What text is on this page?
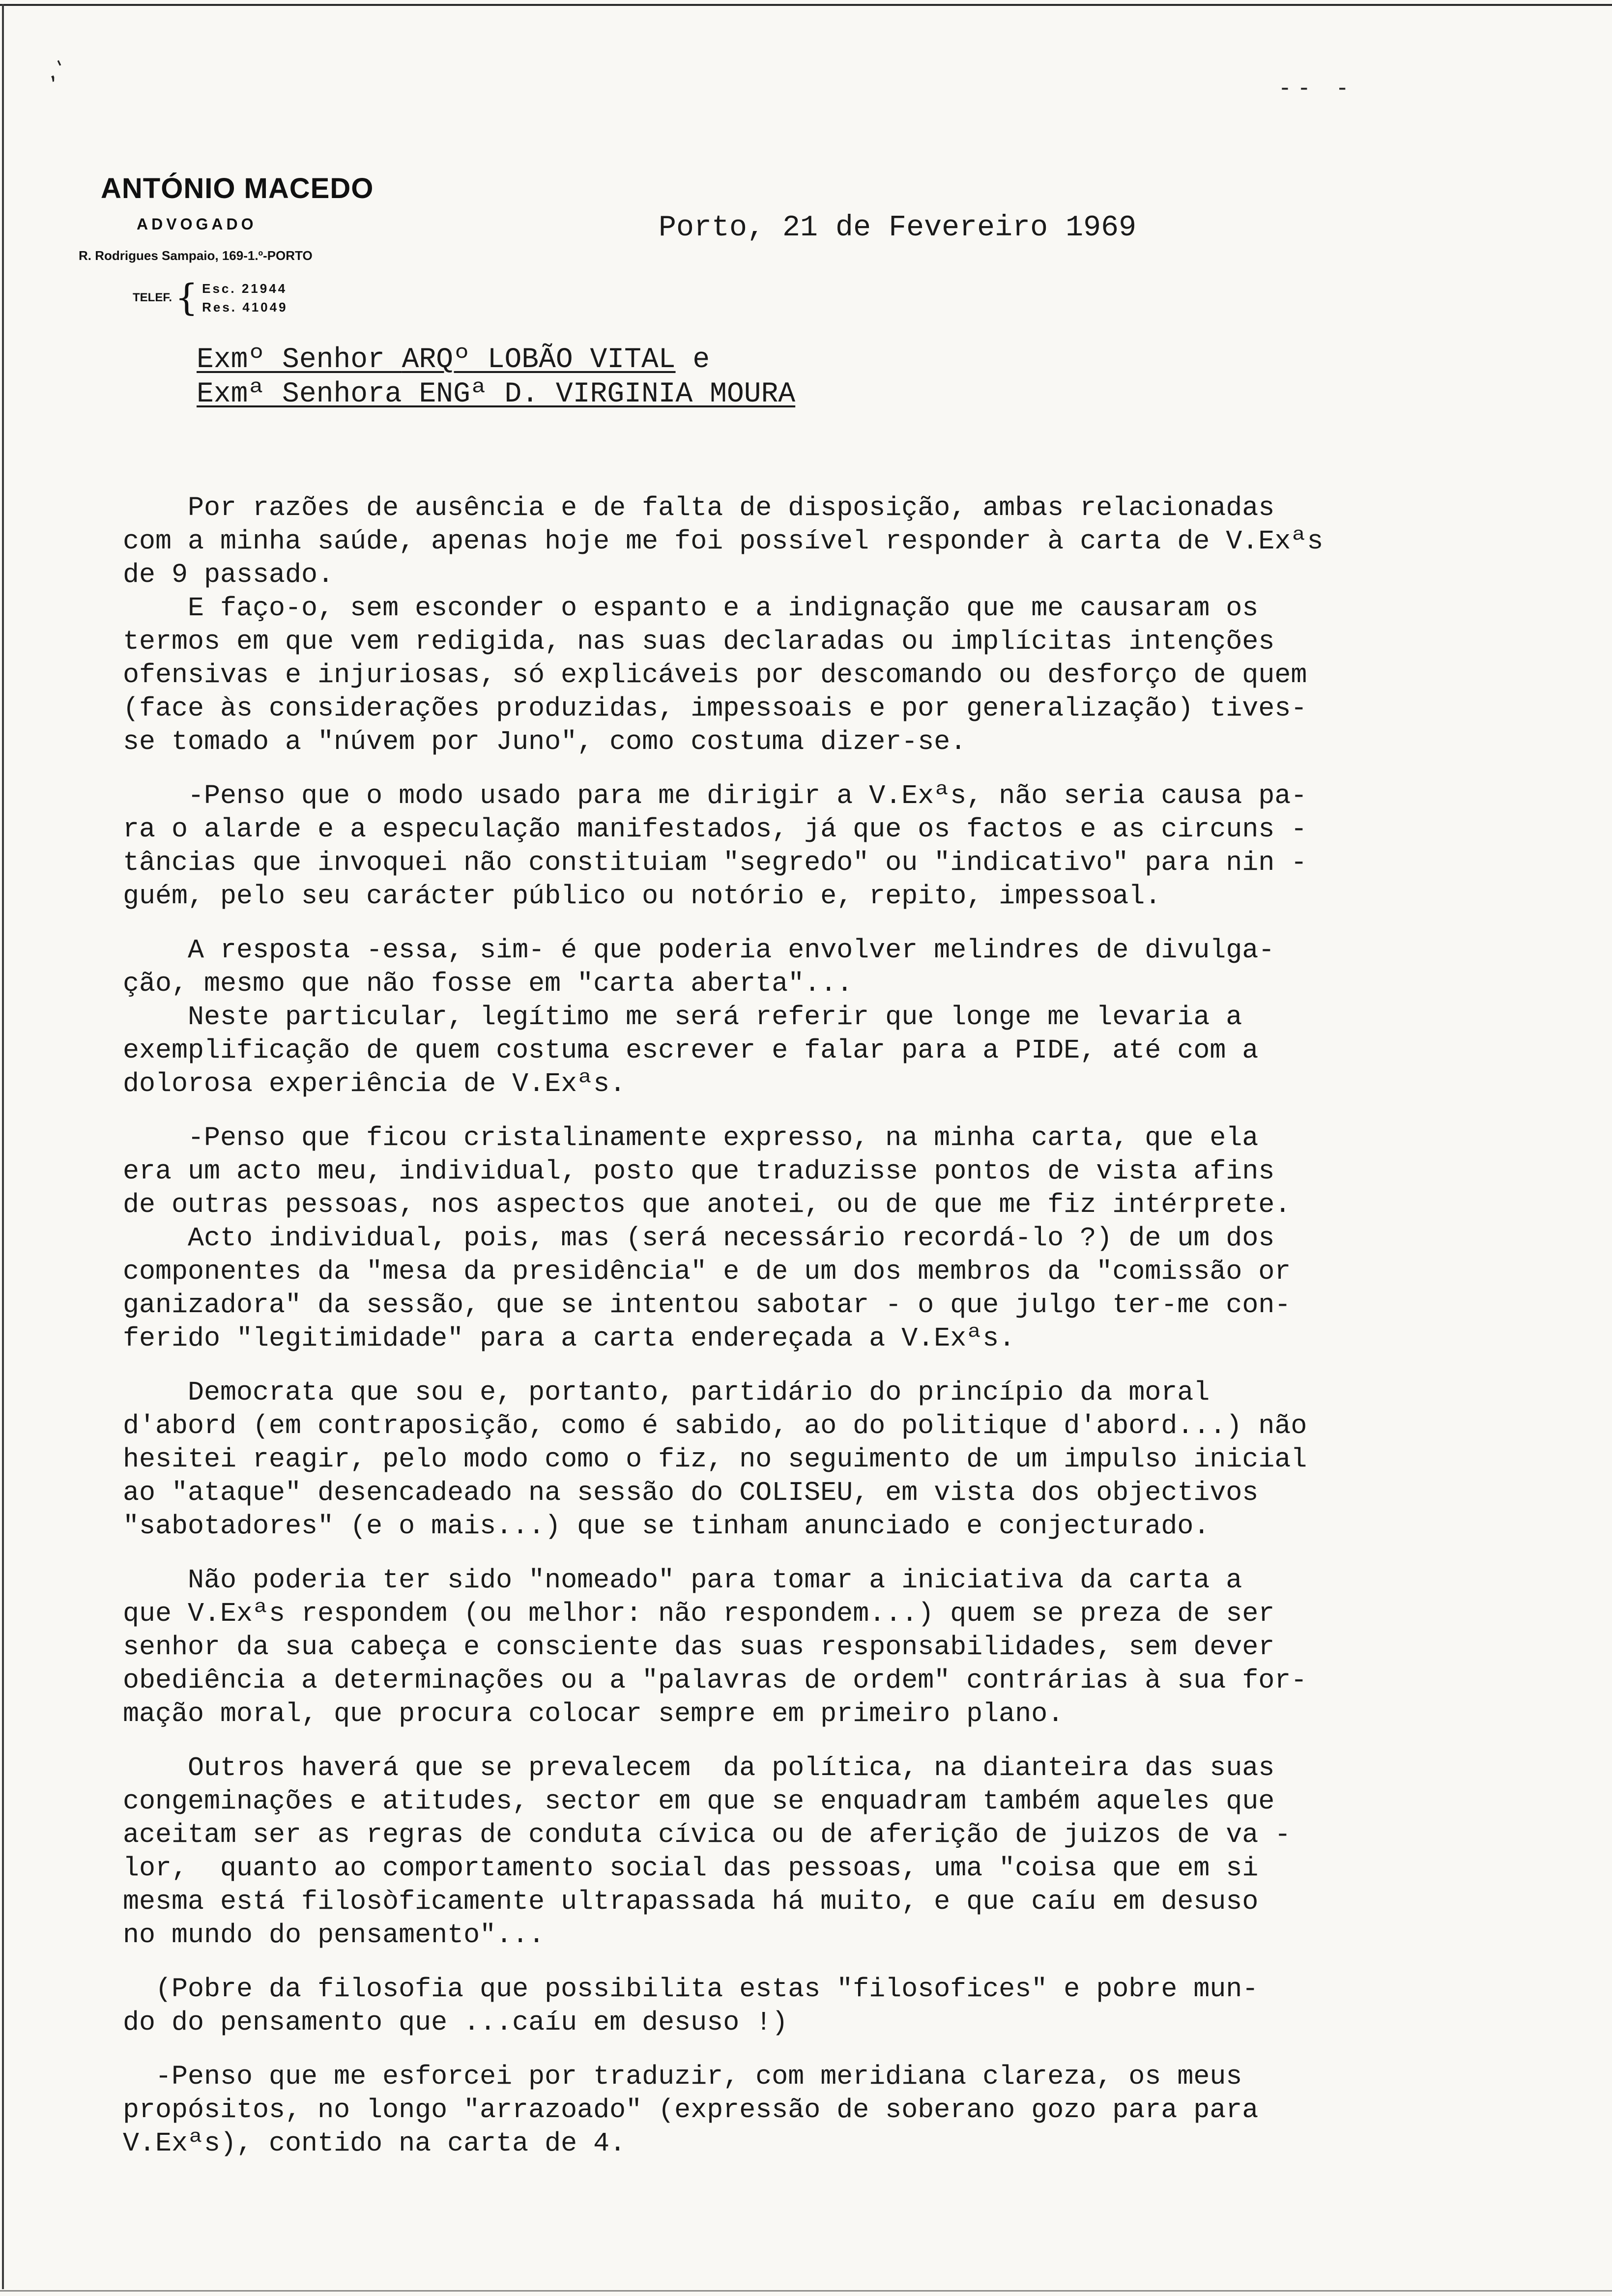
-- -
,'
ANTÓNIO MACEDO
ADVOGADO
R. Rodrigues Sampaio, 169-1.º-PORTO
TELEF. { Esc. 21944
Res. 41049
Porto, 21 de Fevereiro 1969
Exmº Senhor ARQº LOBÃO VITAL e
Exmª Senhora ENGª D. VIRGINIA MOURA
Por razões de ausência e de falta de disposição, ambas relacionadas
com a minha saúde, apenas hoje me foi possível responder à carta de V.Exªs
de 9 passado.
E faço-o, sem esconder o espanto e a indignação que me causaram os
termos em que vem redigida, nas suas declaradas ou implícitas intenções
ofensivas e injuriosas, só explicáveis por descomando ou desforço de quem
(face às considerações produzidas, impessoais e por generalização) tives-
se tomado a "núvem por Juno", como costuma dizer-se.
-Penso que o modo usado para me dirigir a V.Exªs, não seria causa pa-
ra o alarde e a especulação manifestados, já que os factos e as circuns -
tâncias que invoquei não constituiam "segredo" ou "indicativo" para nin -
guém, pelo seu carácter público ou notório e, repito, impessoal.
A resposta -essa, sim- é que poderia envolver melindres de divulga-
ção, mesmo que não fosse em "carta aberta"...
Neste particular, legítimo me será referir que longe me levaria a
exemplificação de quem costuma escrever e falar para a PIDE, até com a
dolorosa experiência de V.Exªs.
-Penso que ficou cristalinamente expresso, na minha carta, que ela
era um acto meu, individual, posto que traduzisse pontos de vista afins
de outras pessoas, nos aspectos que anotei, ou de que me fiz intérprete.
Acto individual, pois, mas (será necessário recordá-lo ?) de um dos
componentes da "mesa da presidência" e de um dos membros da "comissão or
ganizadora" da sessão, que se intentou sabotar - o que julgo ter-me con-
ferido "legitimidade" para a carta endereçada a V.Exªs.
Democrata que sou e, portanto, partidário do princípio da moral
d'abord (em contraposição, como é sabido, ao do politique d'abord...) não
hesitei reagir, pelo modo como o fiz, no seguimento de um impulso inicial
ao "ataque" desencadeado na sessão do COLISEU, em vista dos objectivos
"sabotadores" (e o mais...) que se tinham anunciado e conjecturado.
Não poderia ter sido "nomeado" para tomar a iniciativa da carta a
que V.Exªs respondem (ou melhor: não respondem...) quem se preza de ser
senhor da sua cabeça e consciente das suas responsabilidades, sem dever
obediência a determinações ou a "palavras de ordem" contrárias à sua for-
mação moral, que procura colocar sempre em primeiro plano.
Outros haverá que se prevalecem  da política, na dianteira das suas
congeminações e atitudes, sector em que se enquadram também aqueles que
aceitam ser as regras de conduta cívica ou de aferição de juizos de va -
lor,  quanto ao comportamento social das pessoas, uma "coisa que em si
mesma está filosòficamente ultrapassada há muito, e que caíu em desuso
no mundo do pensamento"...
(Pobre da filosofia que possibilita estas "filosofices" e pobre mun-
do do pensamento que ...caíu em desuso !)
-Penso que me esforcei por traduzir, com meridiana clareza, os meus
propósitos, no longo "arrazoado" (expressão de soberano gozo para para
V.Exªs), contido na carta de 4.
